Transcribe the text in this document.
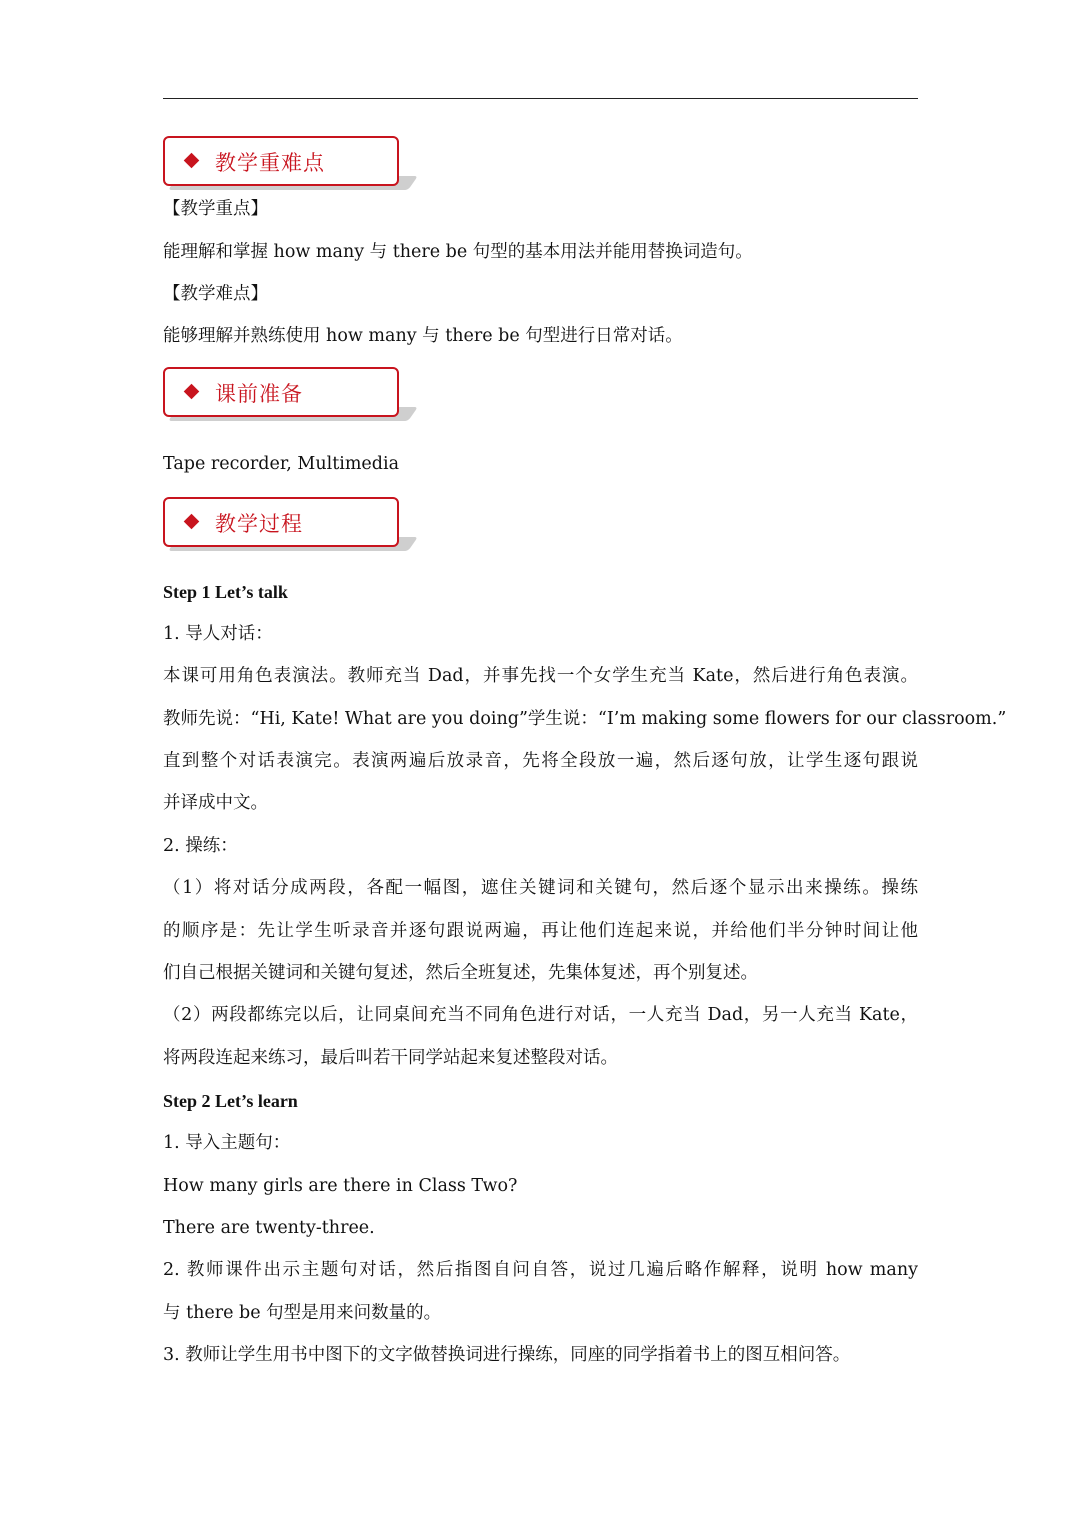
教学重难点
【教学重点】
能理解和掌握 how many 与 there be 句型的基本用法并能用替换词造句。
【教学难点】
能够理解并熟练使用 how many 与 there be 句型进行日常对话。
课前准备
Tape recorder, Multimedia
教学过程
Step 1 Let’s talk
1. 导人对话：
本课可用角色表演法。教师充当 Dad，并事先找一个女学生充当 Kate，然后进行角色表演。
教师先说：“Hi, Kate! What are you doing”学生说：“I’m making some flowers for our classroom.”
直到整个对话表演完。表演两遍后放录音，先将全段放一遍，然后逐句放，让学生逐句跟说
并译成中文。
2. 操练：
（1）将对话分成两段，各配一幅图，遮住关键词和关键句，然后逐个显示出来操练。操练
的顺序是：先让学生听录音并逐句跟说两遍，再让他们连起来说，并给他们半分钟时间让他
们自己根据关键词和关键句复述，然后全班复述，先集体复述，再个别复述。
（2）两段都练完以后，让同桌间充当不同角色进行对话，一人充当 Dad，另一人充当 Kate，
将两段连起来练习，最后叫若干同学站起来复述整段对话。
Step 2 Let’s learn
1. 导入主题句：
How many girls are there in Class Two?
There are twenty-three.
2. 教师课件出示主题句对话，然后指图自问自答，说过几遍后略作解释，说明 how many
与 there be 句型是用来问数量的。
3. 教师让学生用书中图下的文字做替换词进行操练，同座的同学指着书上的图互相问答。
